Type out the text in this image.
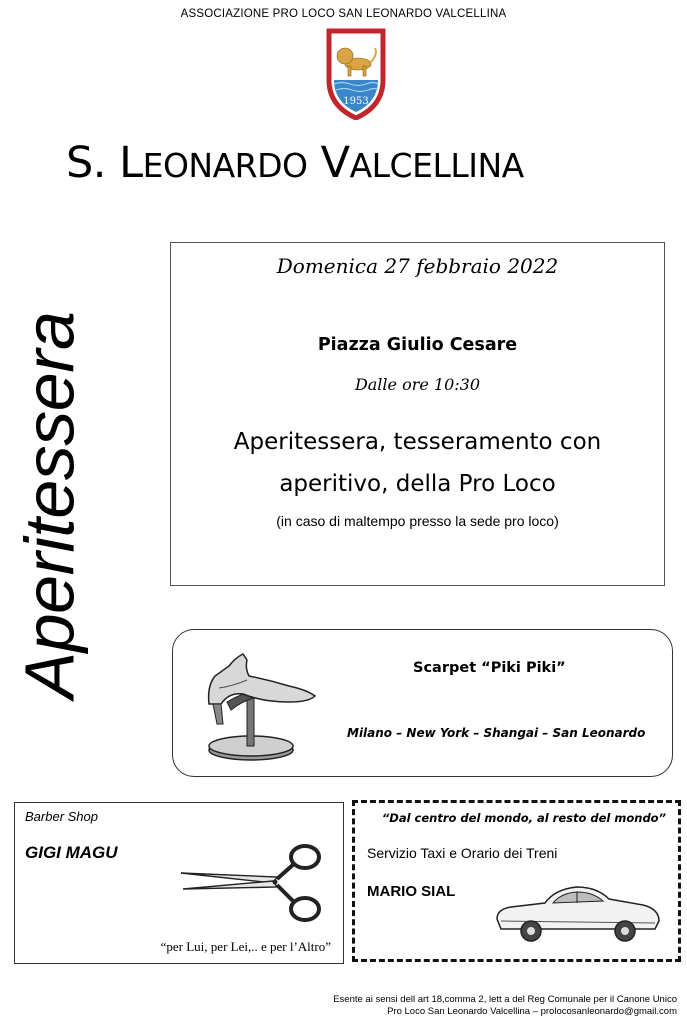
ASSOCIAZIONE PRO LOCO SAN LEONARDO VALCELLINA
1953
S. LEONARDO VALCELLINA
Aperitessera
Domenica 27 febbraio 2022
Piazza Giulio Cesare
Dalle ore 10:30
Aperitessera, tesseramento con aperitivo, della Pro Loco
(in caso di maltempo presso la sede pro loco)
Scarpet “Piki Piki”
Milano – New York – Shangai – San Leonardo
Barber Shop
GIGI MAGU
“per Lui, per Lei,.. e per l’Altro”
“Dal centro del mondo, al resto del mondo”
Servizio Taxi e Orario dei Treni
MARIO SIAL
Esente ai sensi dell art 18,comma 2, lett a del Reg Comunale per il Canone Unico
Pro Loco San Leonardo Valcellina – prolocosanleonardo@gmail.com
